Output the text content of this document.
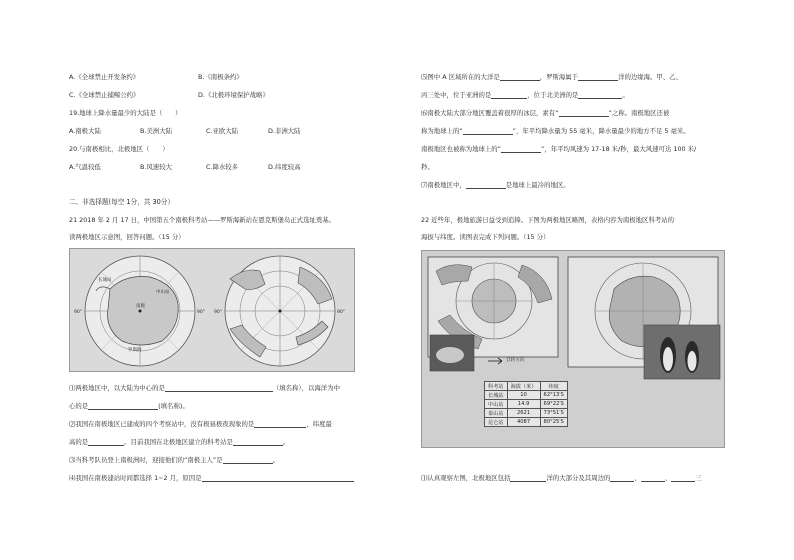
A.《全球禁止开发条约》	B.《南极条约》
C.《全球禁止捕鲸公约》	D.《北极环境保护战略》
19.地球上降水量最少的大陆是（　　）
A.南极大陆	B.美洲大陆	C.亚欧大陆	D.非洲大陆
20.与南极相比，北极地区（　　）
A.气温较低	B.风速较大	C.降水较多	D.纬度较高
二、非选择题(每空 1分，共 30分）
21 2018 年 2 月 17 日，中国第五个南极科考站——罗斯海新站在恩克斯堡岛正式选址奠基。
读两极地区示意图，回答问题。（15 分）
长城站
南极
中山站
罗斯海
90°	90° 90°	90°
⑴两极地区中，以大陆为中心的是	（填名称），以海洋为中
心的是	(填名称)。
⑵我国在南极地区已建成的四个考察站中，没有极昼极夜现象的是	，纬度最
高的是	。目前我国在北极地区建立的科考站是	。
⑶当科考队员登上南极洲时，迎接他们的“南极主人”是	。
⑷我国在南极建站时间都选择 1~2 月，原因是
⑸图中 A 区域所在的大洋是	，罗斯海属于	洋的边缘海。甲、乙、
丙三处中，位于亚洲的是	，位于北美洲的是	。
⑹南极大陆大部分地区覆盖着很厚的冰层，素有“	”之称。南极地区还被
称为地球上的“	”，年平均降水量为 55 毫米，降水量最少的地方不足 5 毫米。
南极地区也被称为地球上的“	”，年平均风速为 17-18 米/秒，最大风速可达 100 米/
秒。
⑺南极地区中，	是地球上最冷的地区。
22 近些年，极地旅游日益受到追捧。下图为两极地区略图，表格内容为南极地区科考站的
海拔与纬度。读图表完成下列问题。（15 分）
自转方向
科考站	海拔（米）	纬度
长城站	10	62°13′S
中山站	14.9	69°22′S
泰山站	2621	73°51′S
昆仑站	4087	80°25′S
⑴认真观察左图，北极地区包括	洋的大部分及其周边的	、	、	三
